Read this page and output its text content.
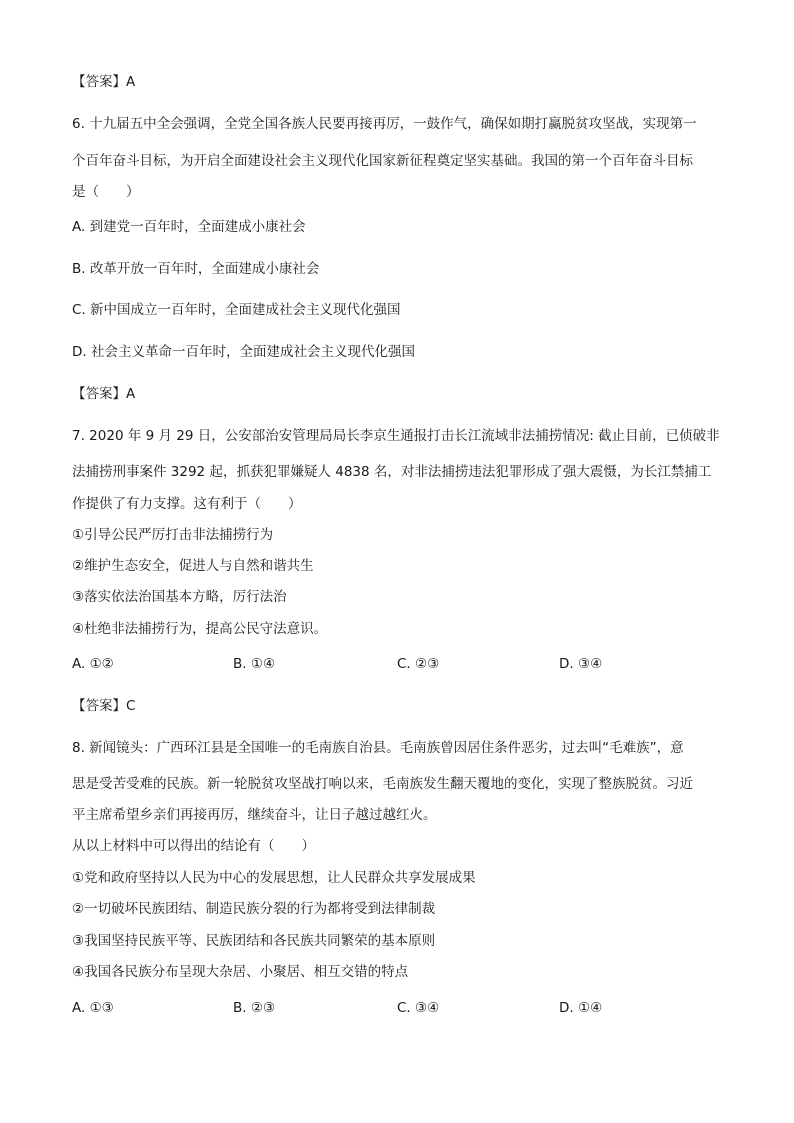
【答案】A
6. 十九届五中全会强调，全党全国各族人民要再接再厉，一鼓作气，确保如期打赢脱贫攻坚战，实现第一
个百年奋斗目标，为开启全面建设社会主义现代化国家新征程奠定坚实基础。我国的第一个百年奋斗目标
是（　　）
A. 到建党一百年时，全面建成小康社会
B. 改革开放一百年时，全面建成小康社会
C. 新中国成立一百年时，全面建成社会主义现代化强国
D. 社会主义革命一百年时，全面建成社会主义现代化强国
【答案】A
7. 2020 年 9 月 29 日，公安部治安管理局局长李京生通报打击长江流域非法捕捞情况: 截止目前，已侦破非
法捕捞刑事案件 3292 起，抓获犯罪嫌疑人 4838 名，对非法捕捞违法犯罪形成了强大震慑，为长江禁捕工
作提供了有力支撑。这有利于（　　）
①引导公民严厉打击非法捕捞行为
②维护生态安全，促进人与自然和谐共生
③落实依法治国基本方略，厉行法治
④杜绝非法捕捞行为，提高公民守法意识。
A. ①②	B. ①④	C. ②③	D. ③④
【答案】C
8. 新闻镜头：广西环江县是全国唯一的毛南族自治县。毛南族曾因居住条件恶劣，过去叫“毛难族”，意
思是受苦受难的民族。新一轮脱贫攻坚战打响以来，毛南族发生翻天覆地的变化，实现了整族脱贫。习近
平主席希望乡亲们再接再厉，继续奋斗，让日子越过越红火。
从以上材料中可以得出的结论有（　　）
①党和政府坚持以人民为中心的发展思想，让人民群众共享发展成果
②一切破坏民族团结、制造民族分裂的行为都将受到法律制裁
③我国坚持民族平等、民族团结和各民族共同繁荣的基本原则
④我国各民族分布呈现大杂居、小聚居、相互交错的特点
A. ①③	B. ②③	C. ③④	D. ①④
